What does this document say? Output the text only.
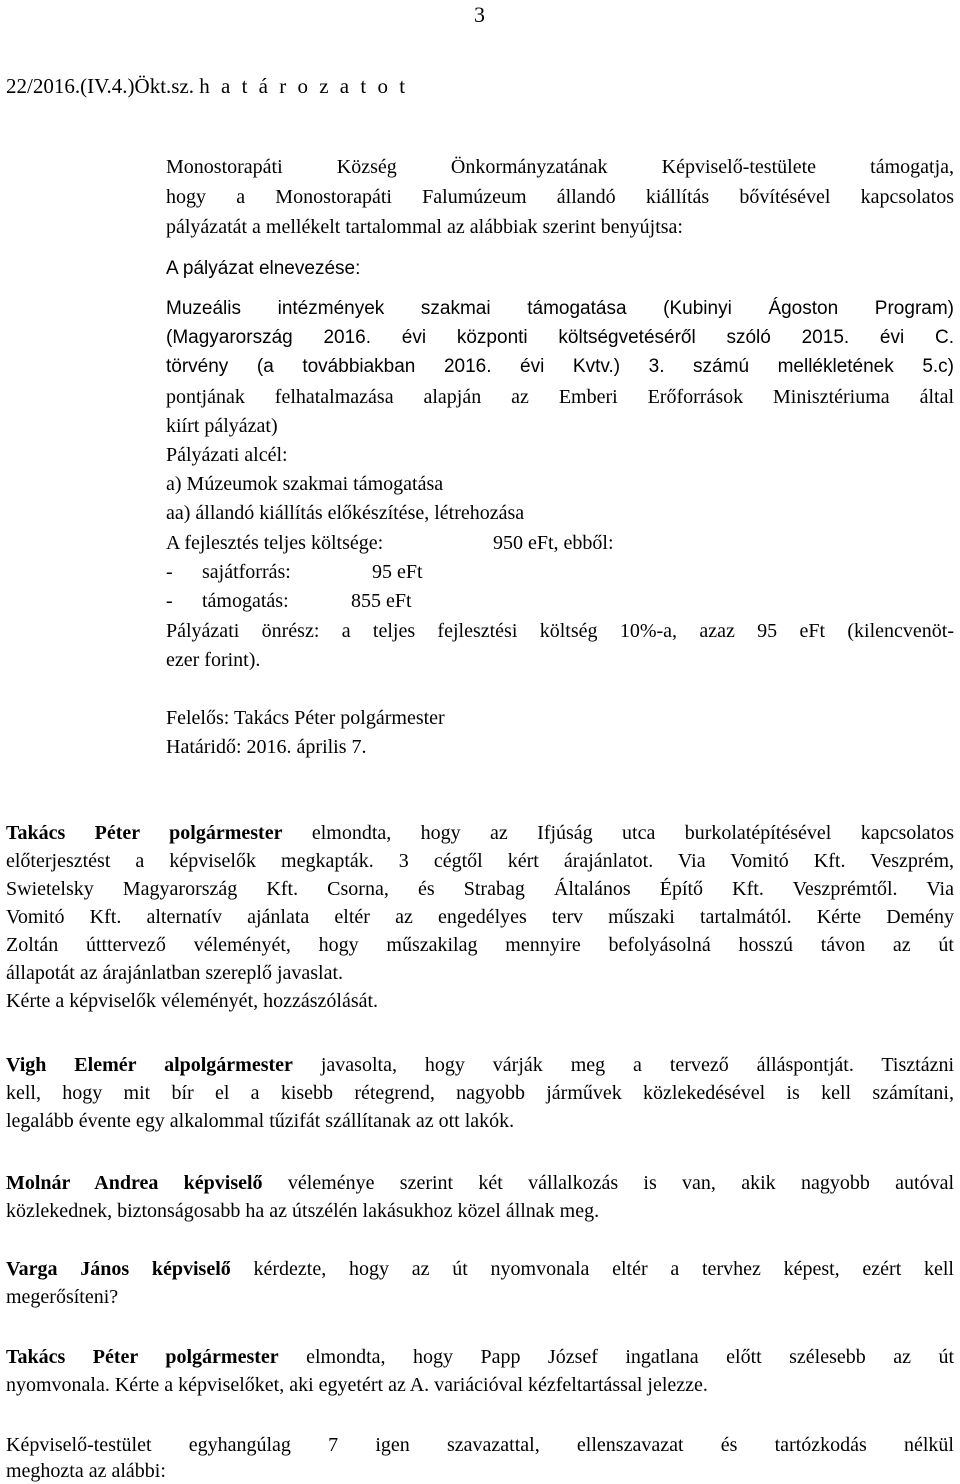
3
22/2016.(IV.4.)Ökt.sz. h a t á r o z a t o t
Monostorapáti Község Önkormányzatának Képviselő-testülete támogatja,
hogy a Monostorapáti Falumúzeum állandó kiállítás bővítésével kapcsolatos
pályázatát a mellékelt tartalommal az alábbiak szerint benyújtsa:
A pályázat elnevezése:
Muzeális intézmények szakmai támogatása (Kubinyi Ágoston Program)
(Magyarország 2016. évi központi költségvetéséről szóló 2015. évi C.
törvény (a továbbiakban 2016. évi Kvtv.) 3. számú mellékletének 5.c)
pontjának felhatalmazása alapján az Emberi Erőforrások Minisztériuma által
kiírt pályázat)
Pályázati alcél:
a) Múzeumok szakmai támogatása
aa) állandó kiállítás előkészítése, létrehozása
A fejlesztés teljes költsége:	950 eFt, ebből:
- sajátforrás:	95 eFt
- támogatás:	855 eFt
Pályázati önrész: a teljes fejlesztési költség 10%-a, azaz 95 eFt (kilencvenöt-
ezer forint).
Felelős: Takács Péter polgármester
Határidő: 2016. április 7.
Takács Péter polgármester elmondta, hogy az Ifjúság utca burkolatépítésével kapcsolatos
előterjesztést a képviselők megkapták. 3 cégtől kért árajánlatot. Via Vomitó Kft. Veszprém,
Swietelsky Magyarország Kft. Csorna, és Strabag Általános Építő Kft. Veszprémtől. Via
Vomitó Kft. alternatív ajánlata eltér az engedélyes terv műszaki tartalmától. Kérte Demény
Zoltán útttervező véleményét, hogy műszakilag mennyire befolyásolná hosszú távon az út
állapotát az árajánlatban szereplő javaslat.
Kérte a képviselők véleményét, hozzászólását.
Vigh Elemér alpolgármester javasolta, hogy várják meg a tervező álláspontját. Tisztázni
kell, hogy mit bír el a kisebb rétegrend, nagyobb járművek közlekedésével is kell számítani,
legalább évente egy alkalommal tűzifát szállítanak az ott lakók.
Molnár Andrea képviselő véleménye szerint két vállalkozás is van, akik nagyobb autóval
közlekednek, biztonságosabb ha az útszélén lakásukhoz közel állnak meg.
Varga János képviselő kérdezte, hogy az út nyomvonala eltér a tervhez képest, ezért kell
megerősíteni?
Takács Péter polgármester elmondta, hogy Papp József ingatlana előtt szélesebb az út
nyomvonala. Kérte a képviselőket, aki egyetért az A. variációval kézfeltartással jelezze.
Képviselő-testület egyhangúlag 7 igen szavazattal, ellenszavazat és tartózkodás nélkül
meghozta az alábbi:
